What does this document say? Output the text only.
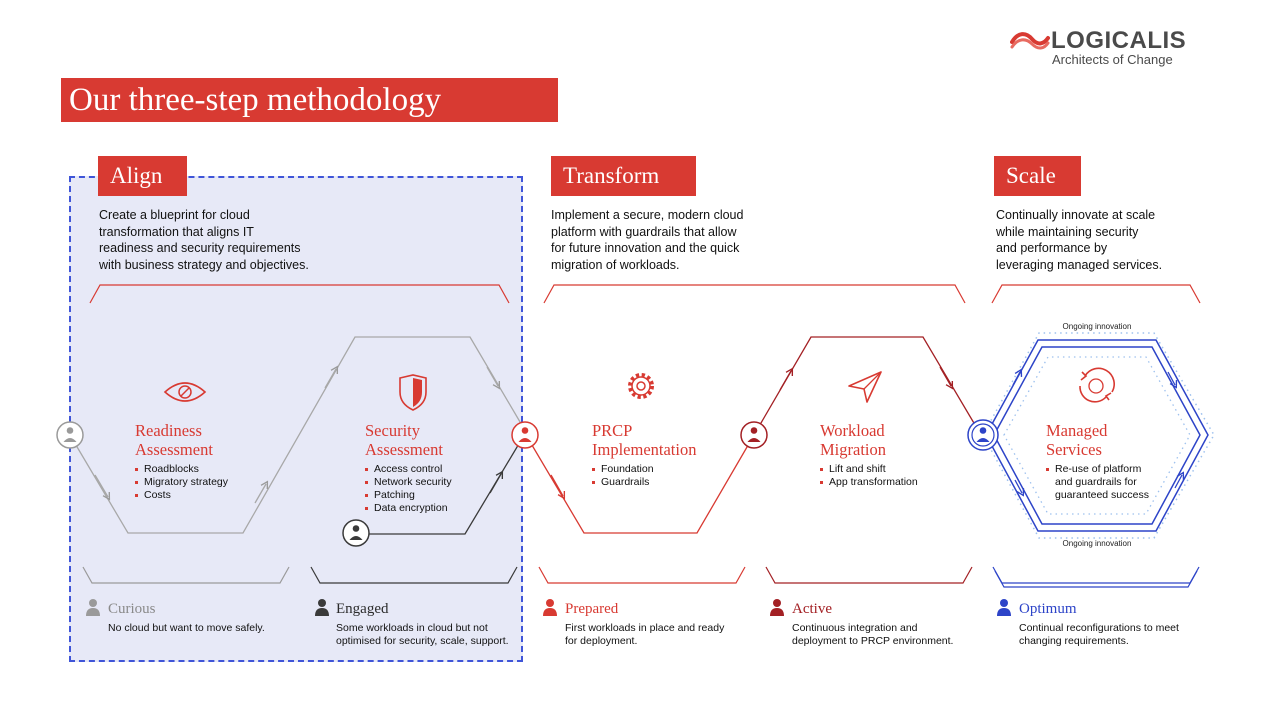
LOGICALIS
Architects of Change
Our three-step methodology
Align	Transform	Scale
Create a blueprint for cloud
transformation that aligns IT
readiness and security requirements
with business strategy and objectives.
Implement a secure, modern cloud
platform with guardrails that allow
for future innovation and the quick
migration of workloads.
Continually innovate at scale
while maintaining security
and performance by
leveraging managed services.
Ongoing innovation
Ongoing innovation
Readiness
Assessment
Roadblocks
Migratory strategy
Costs
Security
Assessment
Access control
Network security
Patching
Data encryption
PRCP
Implementation
Foundation
Guardrails
Workload
Migration
Lift and shift
App transformation
Managed
Services
Re-use of platform
and guardrails for
guaranteed success
Curious
No cloud but want to move safely.
Engaged
Some workloads in cloud but not
optimised for security, scale, support.
Prepared
First workloads in place and ready
for deployment.
Active
Continuous integration and
deployment to PRCP environment.
Optimum
Continual reconfigurations to meet
changing requirements.
